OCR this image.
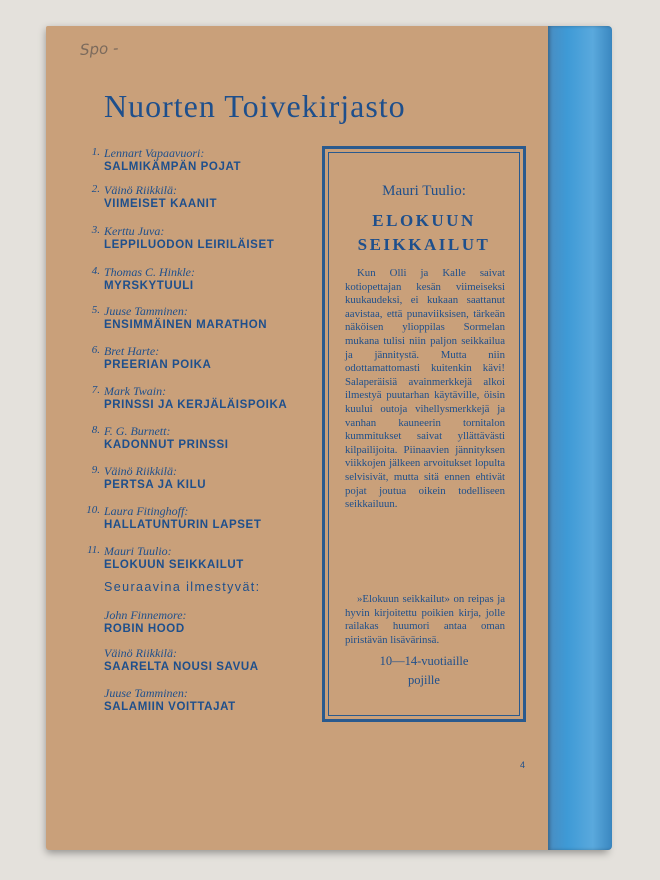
Spo -
Nuorten Toivekirjasto
1. Lennart Vapaavuori:
SALMIKÄMPÄN POJAT
2. Väinö Riikkilä:
VIIMEISET KAANIT
3. Kerttu Juva:
LEPPILUODON LEIRILÄISET
4. Thomas C. Hinkle:
MYRSKYTUULI
5. Juuse Tamminen:
ENSIMMÄINEN MARATHON
6. Bret Harte:
PREERIAN POIKA
7. Mark Twain:
PRINSSI JA KERJÄLÄISPOIKA
8. F. G. Burnett:
KADONNUT PRINSSI
9. Väinö Riikkilä:
PERTSA JA KILU
10. Laura Fitinghoff:
HALLATUNTURIN LAPSET
11. Mauri Tuulio:
ELOKUUN SEIKKAILUT
John Finnemore:
ROBIN HOOD
Väinö Riikkilä:
SAARELTA NOUSI SAVUA
Juuse Tamminen:
SALAMIIN VOITTAJAT
Seuraavina ilmestyvät:
Mauri Tuulio:
ELOKUUN
SEIKKAILUT
Kun Olli ja Kalle saivat kotiopettajan kesän viimeiseksi kuukaudeksi, ei kukaan saattanut aavistaa, että punaviiksisen, tärkeän näköisen ylioppilas Sormelan mukana tulisi niin paljon seikkailua ja jännitystä. Mutta niin odottamattomasti kuitenkin kävi! Salaperäisiä avainmerkkejä alkoi ilmestyä puutarhan käytäville, öisin kuului outoja vihellysmerkkejä ja vanhan kauneerin tornitalon kummitukset saivat yllättävästi kilpailijoita. Piinaavien jännityksen viikkojen jälkeen arvoitukset lopulta selvisivät, mutta sitä ennen ehtivät pojat joutua oikein todelliseen seikkailuun.
»Elokuun seikkailut» on reipas ja hyvin kirjoitettu poikien kirja, jolle railakas huumori antaa oman piristävän lisävärinsä.
10—14-vuotiaille
pojille
4
